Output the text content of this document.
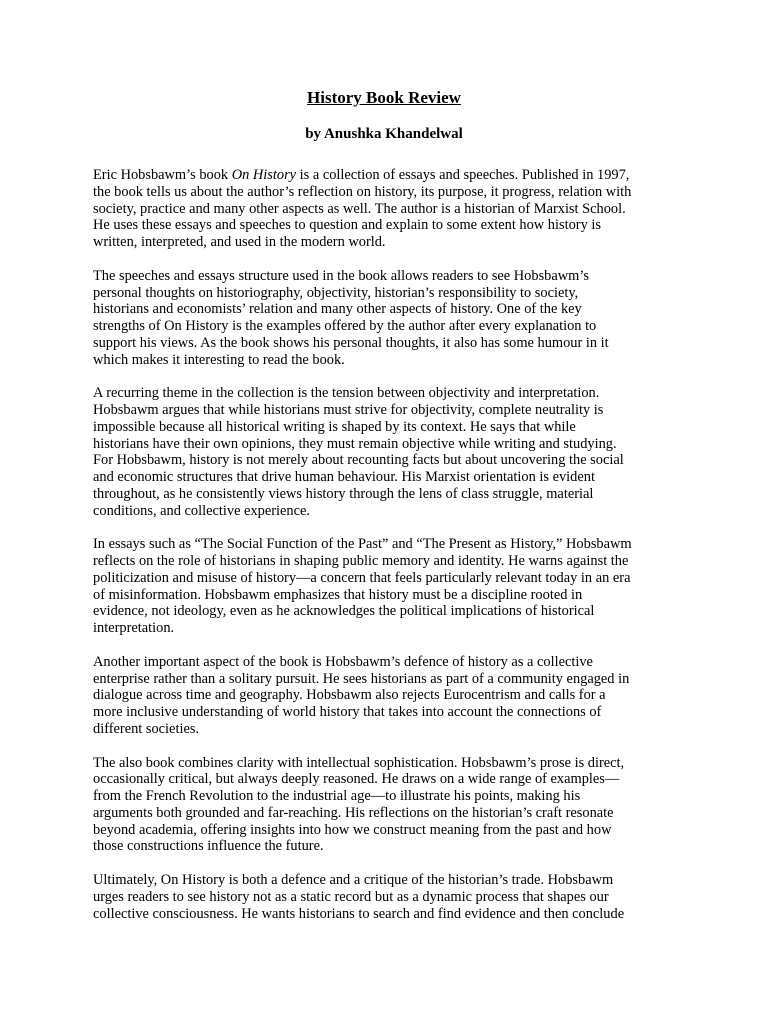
History Book Review
by Anushka Khandelwal

Eric Hobsbawm’s book On History is a collection of essays and speeches. Published in 1997,
the book tells us about the author’s reflection on history, its purpose, it progress, relation with
society, practice and many other aspects as well. The author is a historian of Marxist School.
He uses these essays and speeches to question and explain to some extent how history is
written, interpreted, and used in the modern world.

The speeches and essays structure used in the book allows readers to see Hobsbawm’s
personal thoughts on historiography, objectivity, historian’s responsibility to society,
historians and economists’ relation and many other aspects of history. One of the key
strengths of On History is the examples offered by the author after every explanation to
support his views. As the book shows his personal thoughts, it also has some humour in it
which makes it interesting to read the book.

A recurring theme in the collection is the tension between objectivity and interpretation.
Hobsbawm argues that while historians must strive for objectivity, complete neutrality is
impossible because all historical writing is shaped by its context. He says that while
historians have their own opinions, they must remain objective while writing and studying.
For Hobsbawm, history is not merely about recounting facts but about uncovering the social
and economic structures that drive human behaviour. His Marxist orientation is evident
throughout, as he consistently views history through the lens of class struggle, material
conditions, and collective experience.

In essays such as “The Social Function of the Past” and “The Present as History,” Hobsbawm
reflects on the role of historians in shaping public memory and identity. He warns against the
politicization and misuse of history—a concern that feels particularly relevant today in an era
of misinformation. Hobsbawm emphasizes that history must be a discipline rooted in
evidence, not ideology, even as he acknowledges the political implications of historical
interpretation.

Another important aspect of the book is Hobsbawm’s defence of history as a collective
enterprise rather than a solitary pursuit. He sees historians as part of a community engaged in
dialogue across time and geography. Hobsbawm also rejects Eurocentrism and calls for a
more inclusive understanding of world history that takes into account the connections of
different societies.

The also book combines clarity with intellectual sophistication. Hobsbawm’s prose is direct,
occasionally critical, but always deeply reasoned. He draws on a wide range of examples—
from the French Revolution to the industrial age—to illustrate his points, making his
arguments both grounded and far-reaching. His reflections on the historian’s craft resonate
beyond academia, offering insights into how we construct meaning from the past and how
those constructions influence the future.

Ultimately, On History is both a defence and a critique of the historian’s trade. Hobsbawm
urges readers to see history not as a static record but as a dynamic process that shapes our
collective consciousness. He wants historians to search and find evidence and then conclude
